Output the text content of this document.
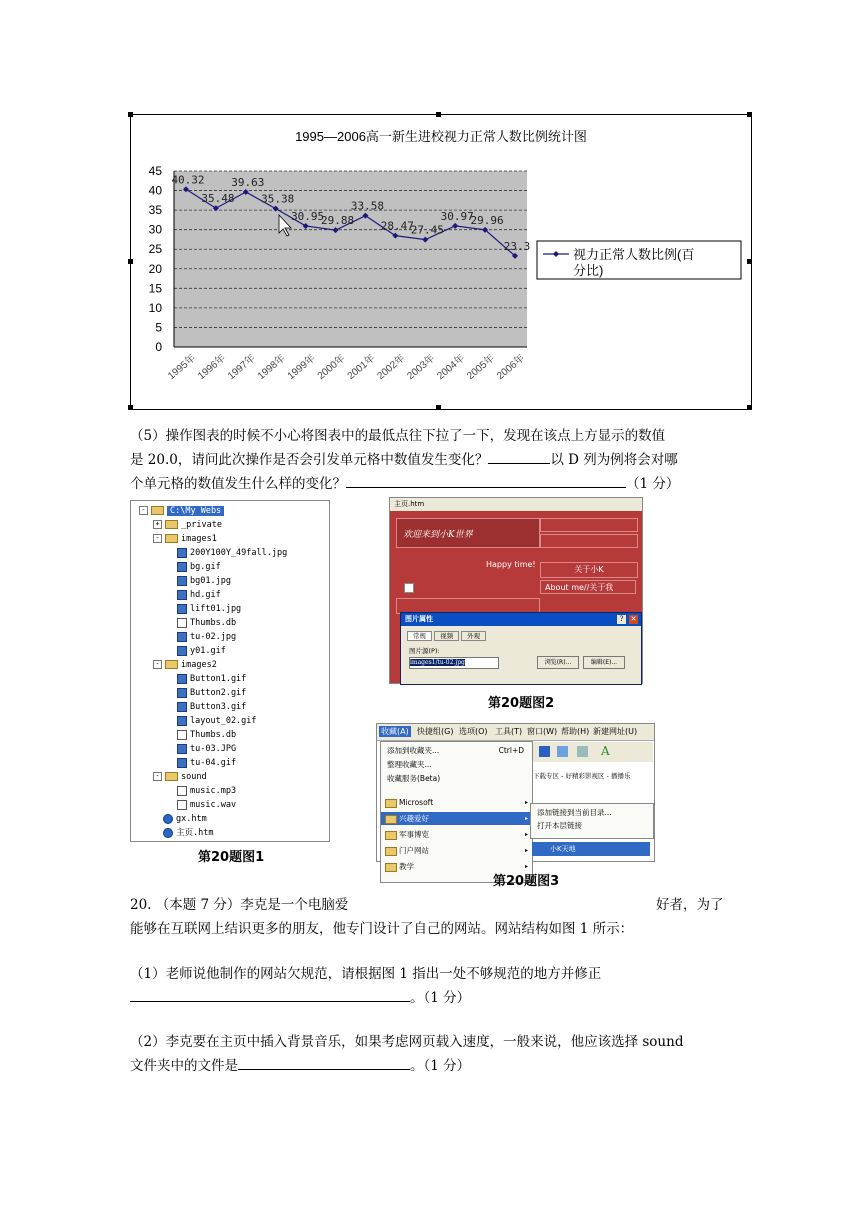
1995—2006高一新生进校视力正常人数比例统计图
0
5
10
15
20
25
30
35
40
45
1995年
1996年
1997年
1998年
1999年
2000年
2001年
2002年
2003年
2004年
2005年
2006年
40.32
35.48
39.63
35.38
30.95
29.88
33.58
28.47
27.45
30.97
29.96
23.3
视力正常人数比例(百
分比)
（5）操作图表的时候不小心将图表中的最低点往下拉了一下，发现在该点上方显示的数值
是 20.0，请问此次操作是否会引发单元格中数值发生变化？	以 D 列为例将会对哪
个单元格的数值发生什么样的变化？	（1 分）
-	C:\My Webs
+	_private
-	images1
200Y100Y_49fall.jpg
bg.gif
bg01.jpg
hd.gif
lift01.jpg
Thumbs.db
tu-02.jpg
y01.gif
-	images2
Button1.gif
Button2.gif
Button3.gif
layout_02.gif
Thumbs.db
tu-03.JPG
tu-04.gif
-	sound
music.mp3
music.wav
gx.htm
主页.htm
第20题图1
主页.htm
欢迎来到小K世界
Happy time!
关于小K
About me//关于我
图片属性	?	✕
常规 视频 外观
图片源(P):
images1/tu-02.jpg	浏览(R)...	编辑(E)...
第20题图2
收藏(A) 快捷组(G) 选项(O) 工具(T) 窗口(W) 帮助(H) 新建网址(U)
A
下载专区 - 好精彩影视区 - 播播乐
添加到收藏夹...	Ctrl+D
整理收藏夹...
收藏服务(Beta)
Microsoft	▸
兴趣爱好	▸
军事博览	▸
门户网站	▸
教学	▸
添加链接到当前目录...
打开本层链接
小K天地
第20题图3
20. （本题 7 分）李克是一个电脑爱	好者，为了
能够在互联网上结识更多的朋友，他专门设计了自己的网站。网站结构如图 1 所示：
（1）老师说他制作的网站欠规范，请根据图 1 指出一处不够规范的地方并修正
。（1 分）
（2）李克要在主页中插入背景音乐，如果考虑网页载入速度，一般来说，他应该选择 sound
文件夹中的文件是	。（1 分）
